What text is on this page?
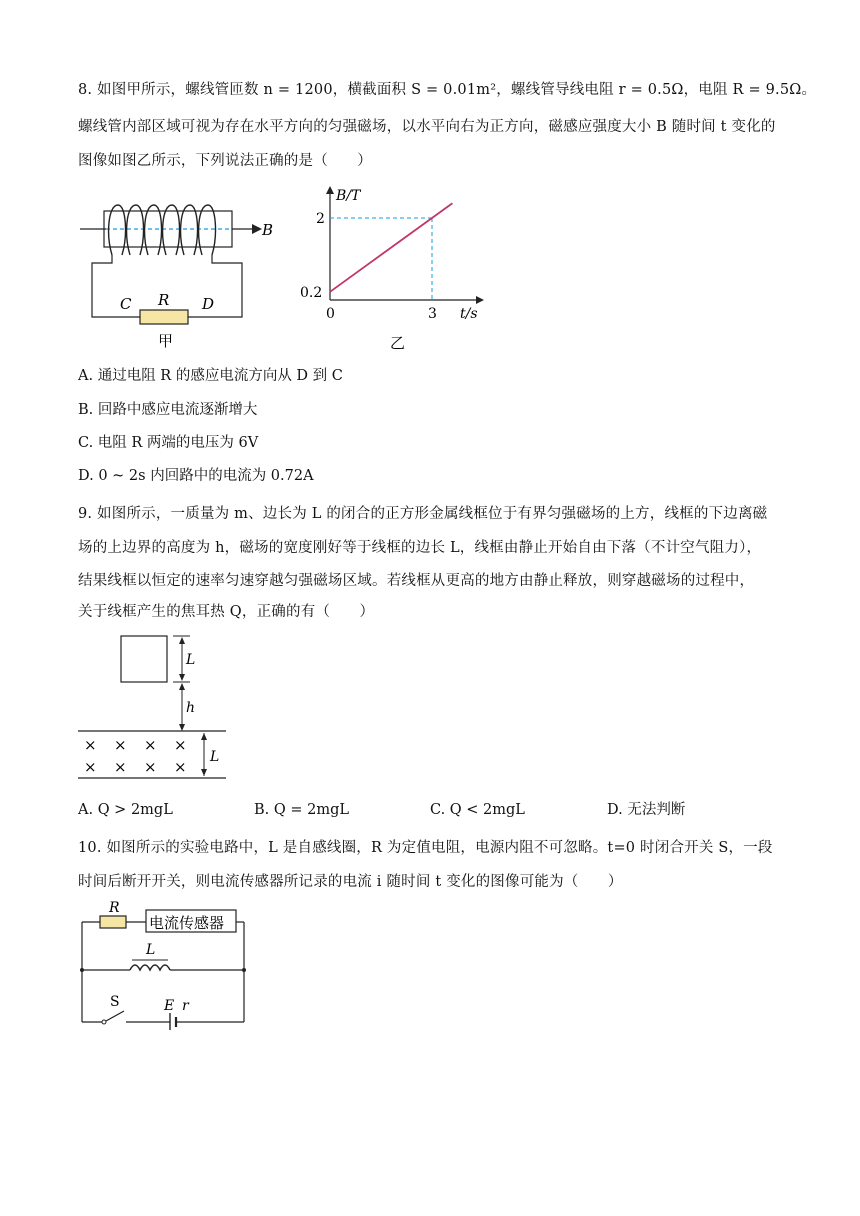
8. 如图甲所示，螺线管匝数 n = 1200，横截面积 S = 0.01m²，螺线管导线电阻 r = 0.5Ω，电阻 R = 9.5Ω。
螺线管内部区域可视为存在水平方向的匀强磁场，以水平向右为正方向，磁感应强度大小 B 随时间 t 变化的
图像如图乙所示，下列说法正确的是（　　）
B
C R D
甲
0.2
2
0	3
B/T
t/s
乙
A. 通过电阻 R 的感应电流方向从 D 到 C
B. 回路中感应电流逐渐增大
C. 电阻 R 两端的电压为 6V
D. 0 ~ 2s 内回路中的电流为 0.72A
9. 如图所示，一质量为 m、边长为 L 的闭合的正方形金属线框位于有界匀强磁场的上方，线框的下边离磁
场的上边界的高度为 h，磁场的宽度刚好等于线框的边长 L，线框由静止开始自由下落（不计空气阻力），
结果线框以恒定的速率匀速穿越匀强磁场区域。若线框从更高的地方由静止释放，则穿越磁场的过程中，
关于线框产生的焦耳热 Q，正确的有（　　）
L
h
L
× × × ×
× × × ×
A. Q > 2mgL	B. Q = 2mgL	C. Q < 2mgL	D. 无法判断
10. 如图所示的实验电路中，L 是自感线圈，R 为定值电阻，电源内阻不可忽略。t=0 时闭合开关 S，一段
时间后断开开关，则电流传感器所记录的电流 i 随时间 t 变化的图像可能为（　　）
电流传感器
R
L
S	E r
